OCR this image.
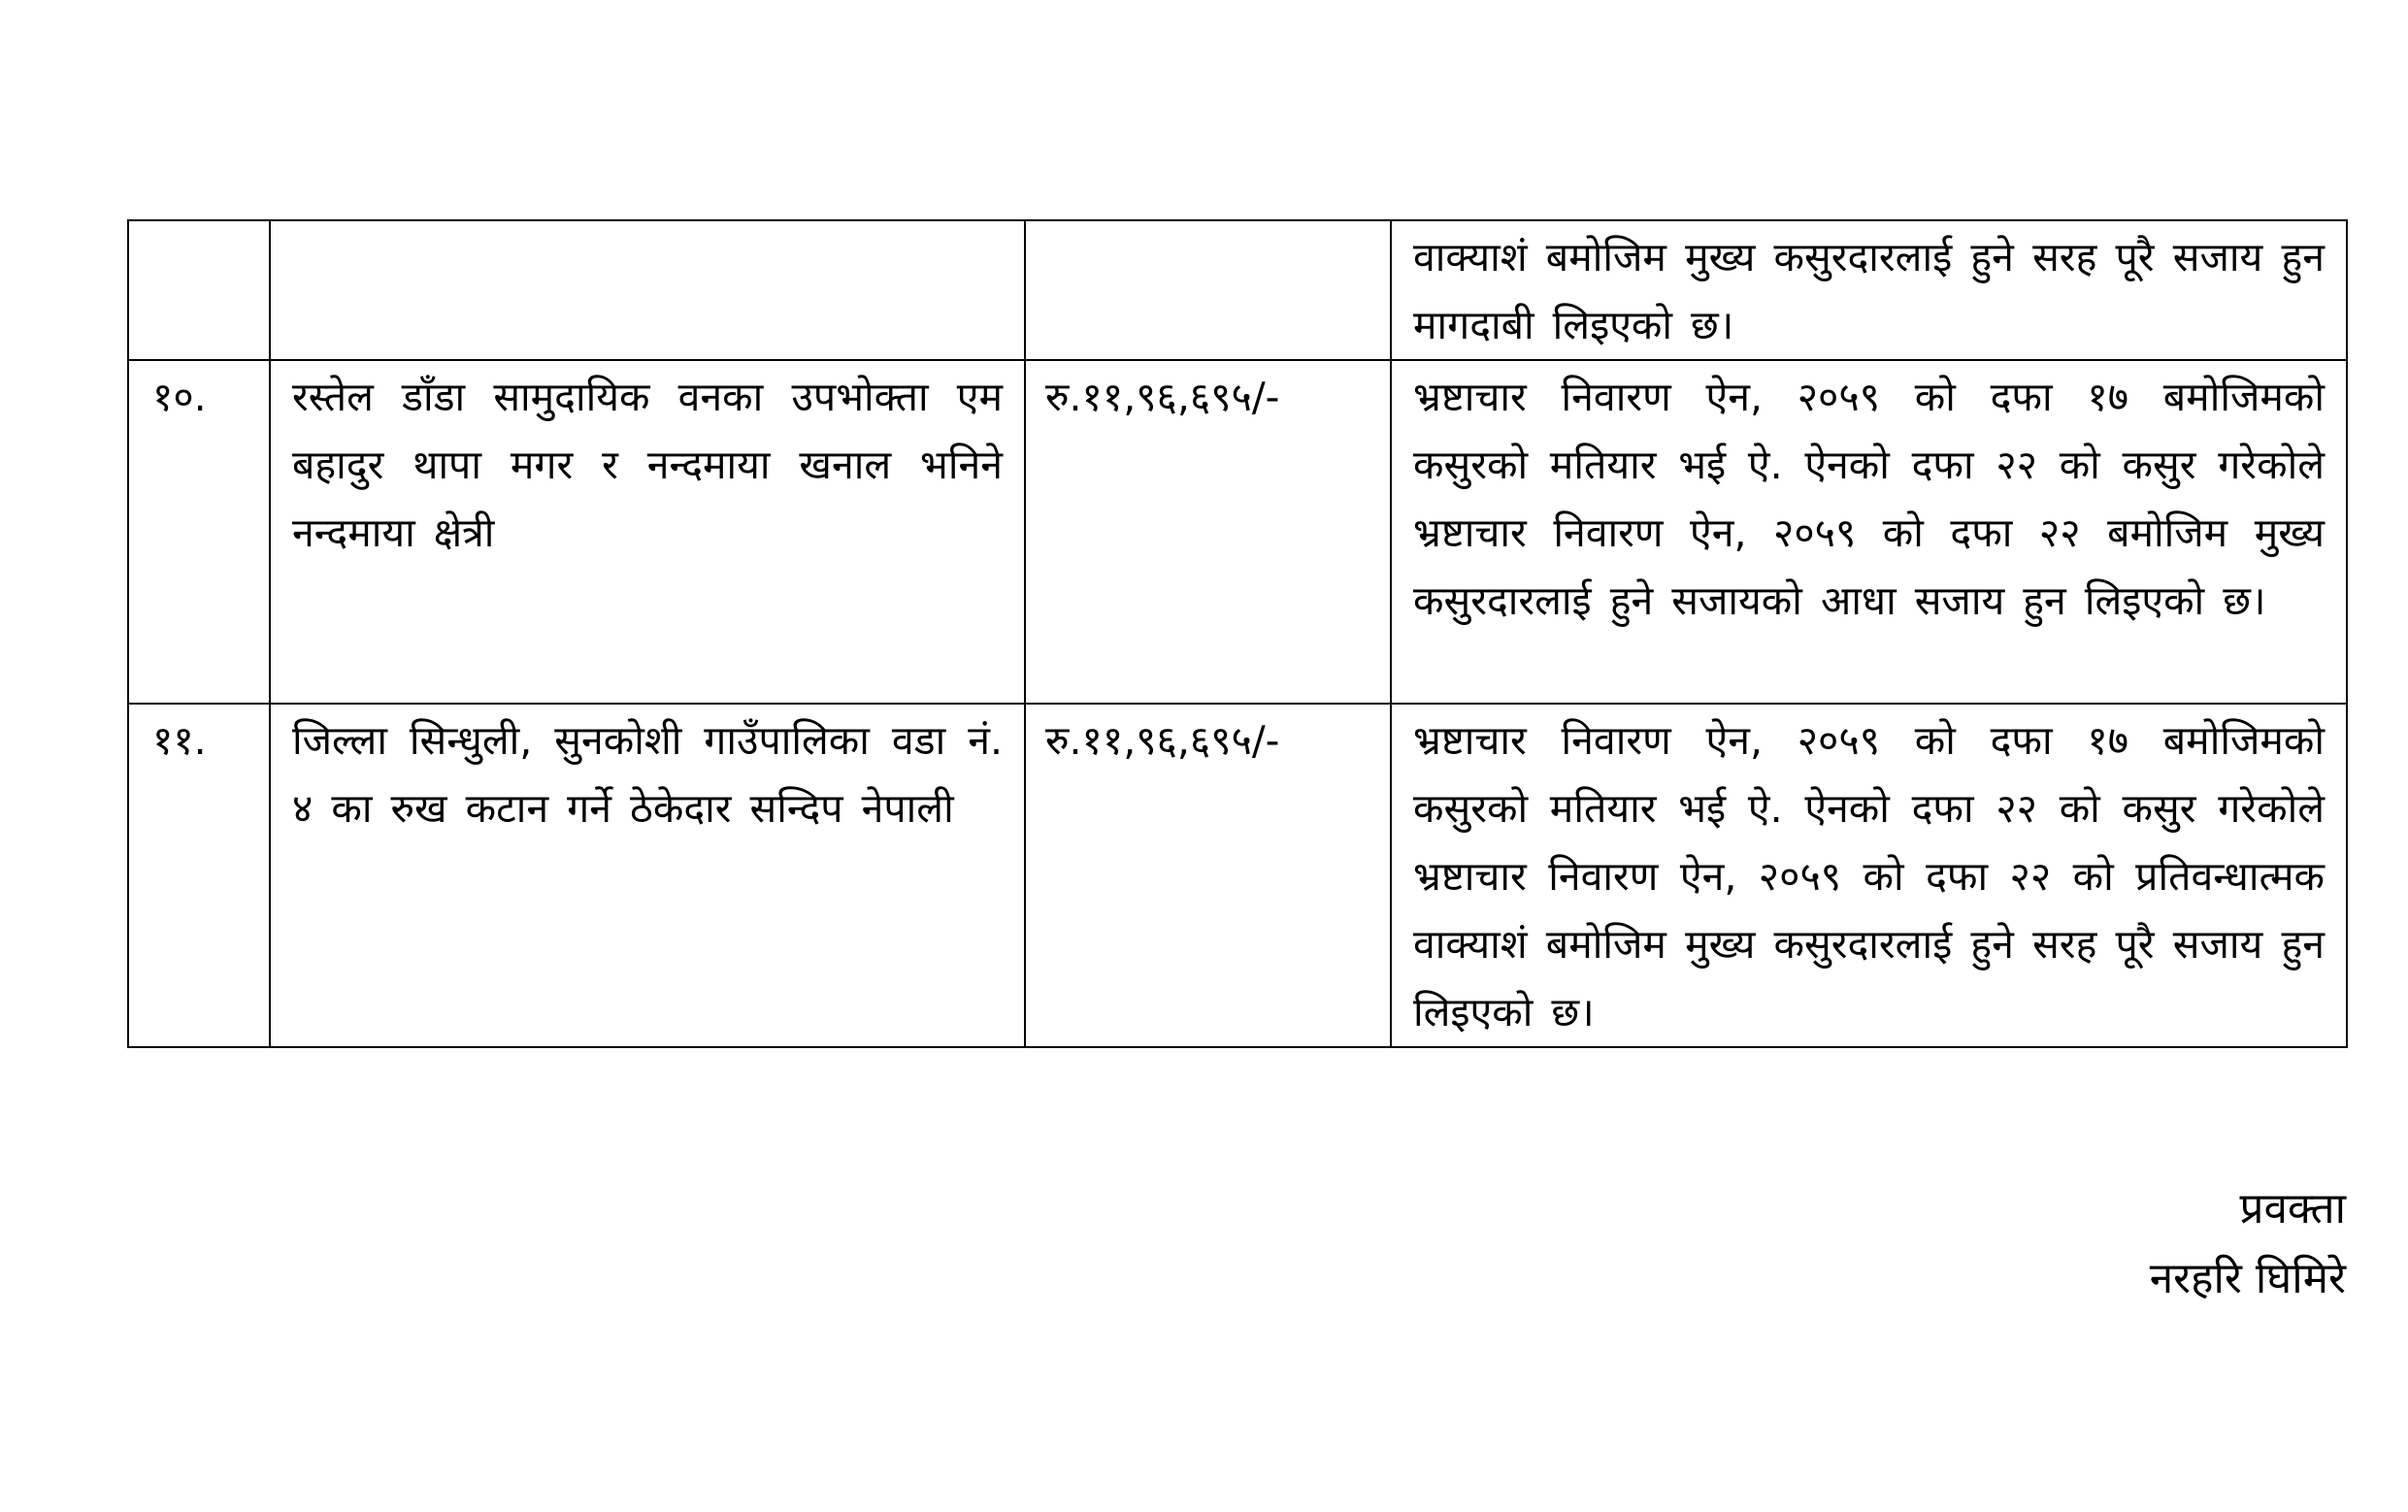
			वाक्याशं बमोजिम मुख्य कसुरदारलाई हुने सरह पूरै सजाय हुन मागदाबी लिइएको छ।
१०.	रस्तेल डाँडा सामुदायिक वनका उपभोक्ता एम बहादुर थापा मगर र नन्दमाया खनाल भनिने नन्दमाया क्षेत्री	रु.११,९६,६९५/-	भ्रष्टाचार निवारण ऐन, २०५९ को दफा १७ बमोजिमको कसुरको मतियार भई ऐ. ऐनको दफा २२ को कसुर गरेकोले भ्रष्टाचार निवारण ऐन, २०५९ को दफा २२ बमोजिम मुख्य कसुरदारलाई हुने सजायको आधा सजाय हुन लिइएको छ।
११.	जिल्ला सिन्धुली, सुनकोशी गाउँपालिका वडा नं. ४ का रुख कटान गर्ने ठेकेदार सन्दिप नेपाली	रु.११,९६,६९५/-	भ्रष्टाचार निवारण ऐन, २०५९ को दफा १७ बमोजिमको कसुरको मतियार भई ऐ. ऐनको दफा २२ को कसुर गरेकोले भ्रष्टाचार निवारण ऐन, २०५९ को दफा २२ को प्रतिवन्धात्मक वाक्याशं बमोजिम मुख्य कसुरदारलाई हुने सरह पूरै सजाय हुन लिइएको छ।
प्रवक्ता
नरहरि घिमिरे
